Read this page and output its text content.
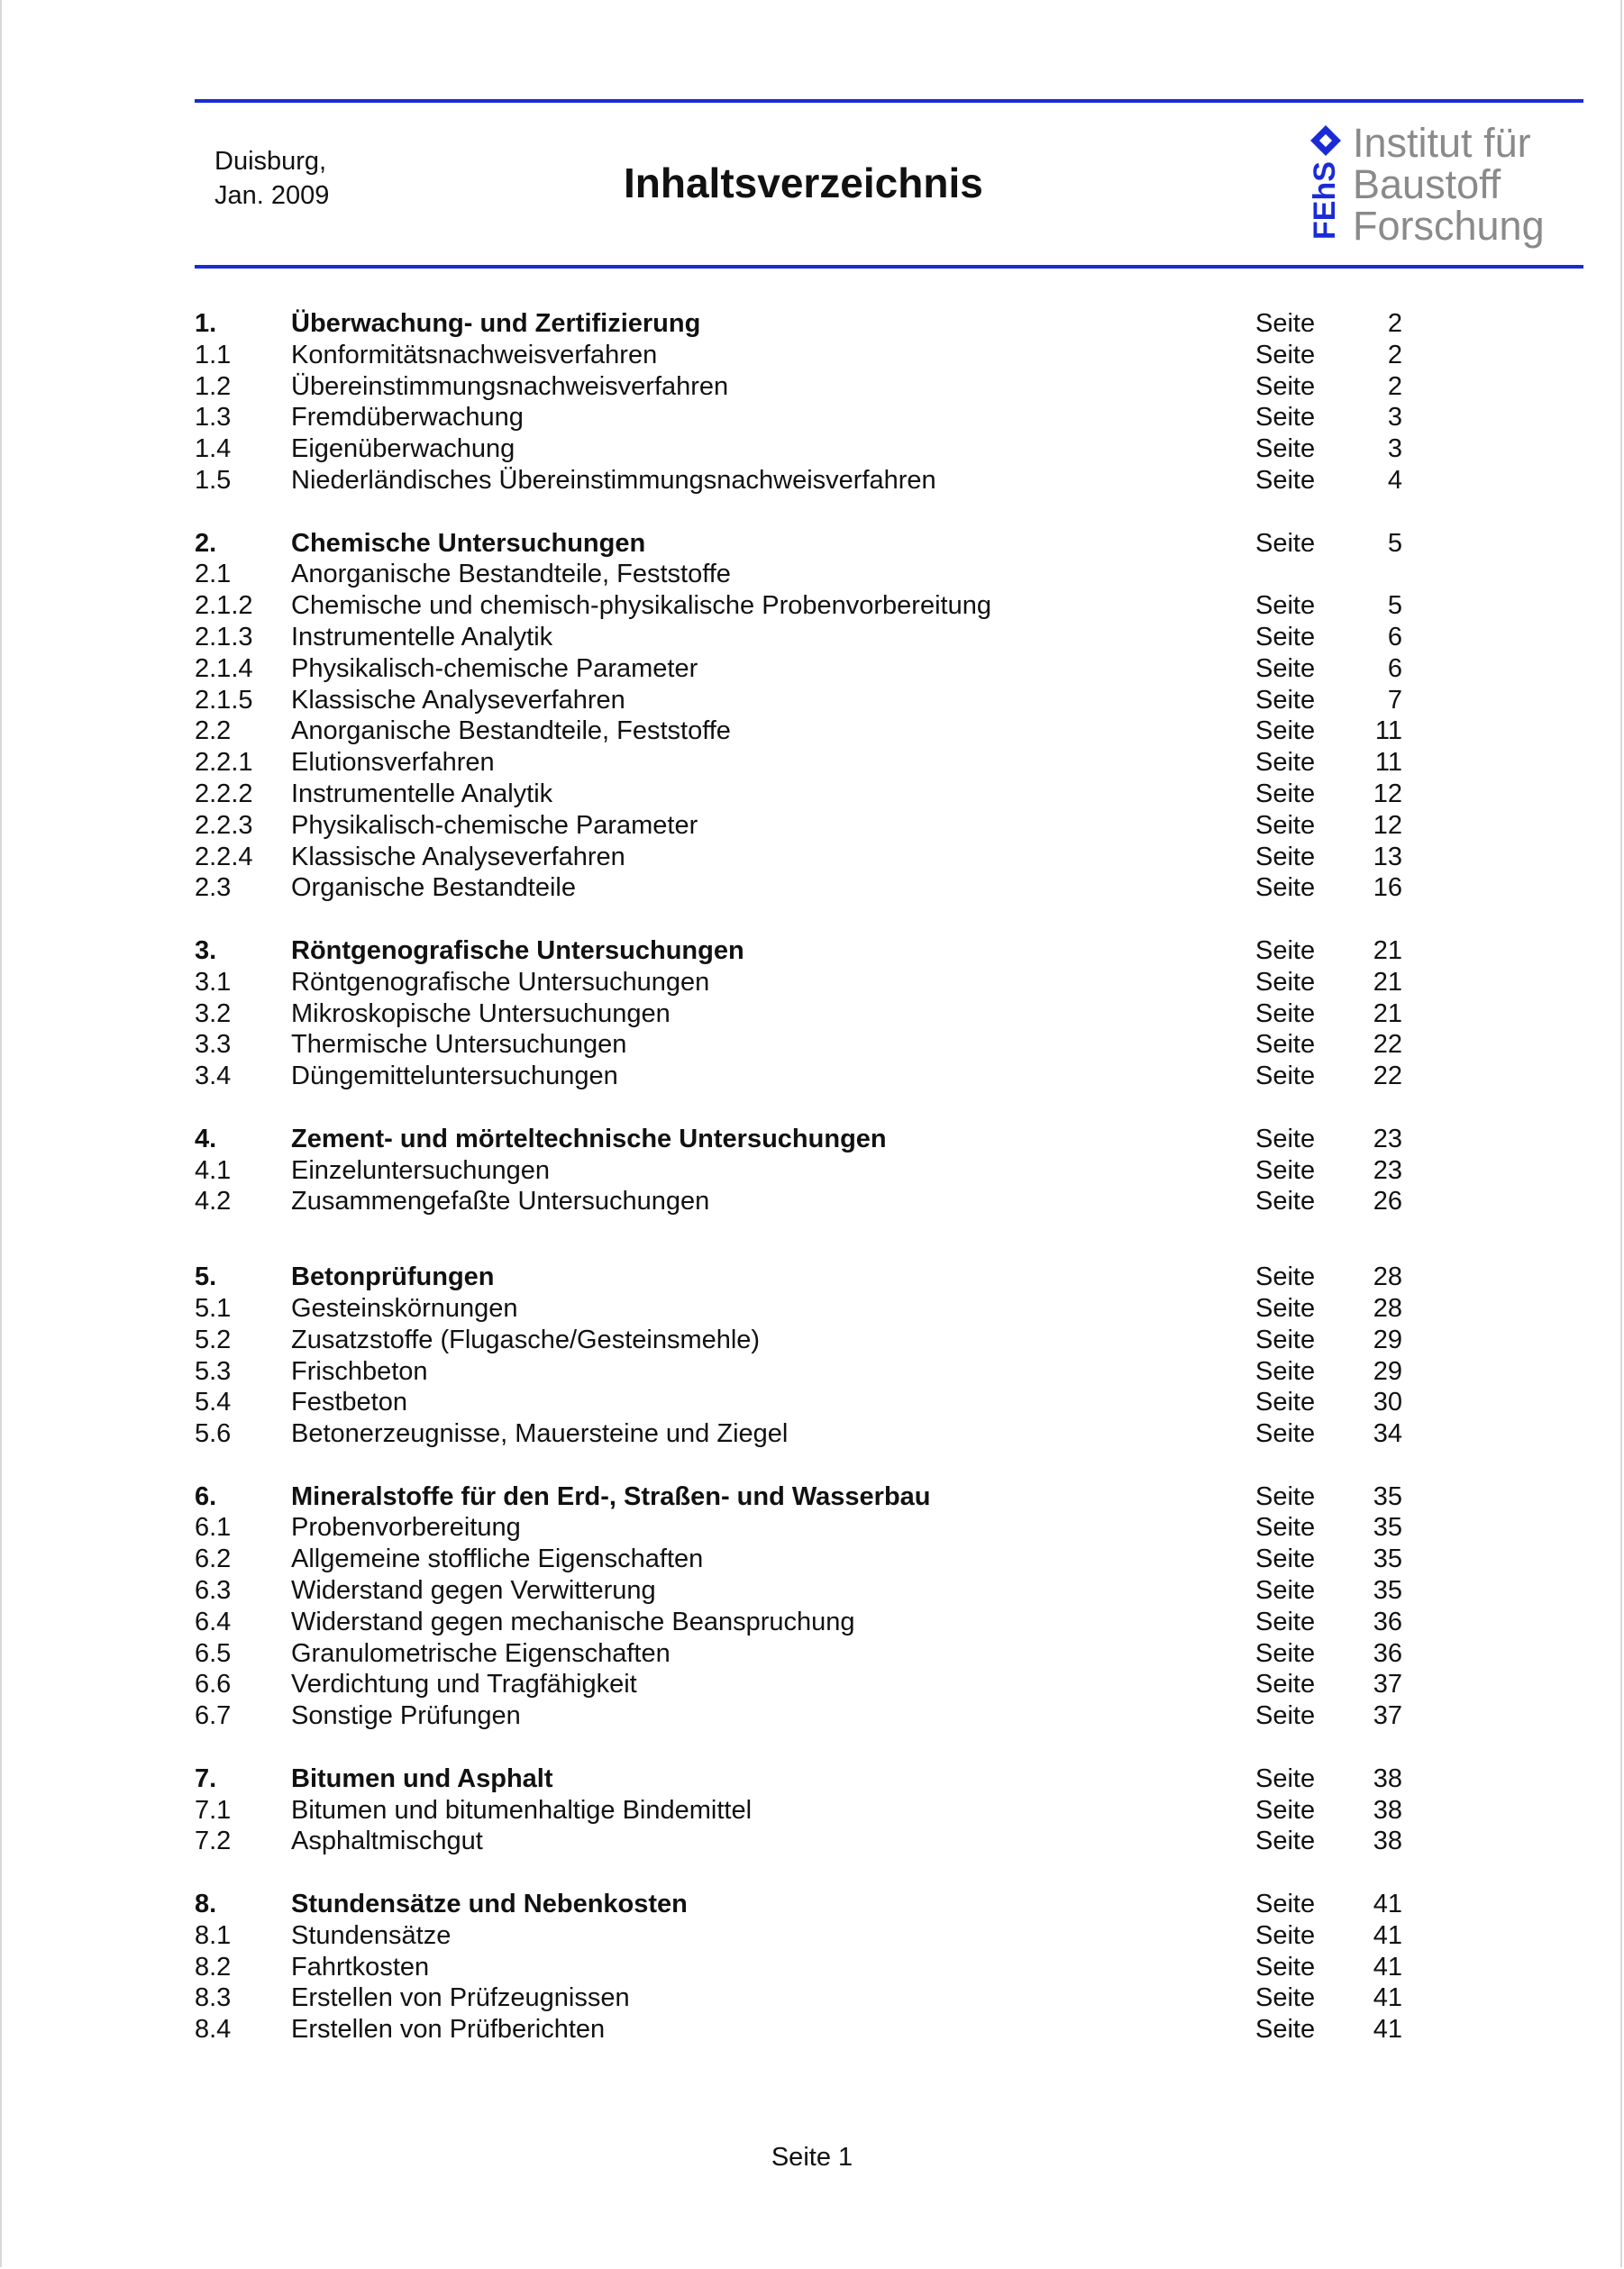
Duisburg,
Jan. 2009	Inhaltsverzeichnis	FEhS
Institut für
Baustoff
Forschung
1.	Überwachung- und Zertifizierung	Seite	2
1.1 Konformitätsnachweisverfahren	Seite	2
1.2 Übereinstimmungsnachweisverfahren	Seite	2
1.3 Fremdüberwachung	Seite	3
1.4 Eigenüberwachung	Seite	3
1.5 Niederländisches Übereinstimmungsnachweisverfahren	Seite	4
2.	Chemische Untersuchungen	Seite	5
2.1 Anorganische Bestandteile, Feststoffe
2.1.2 Chemische und chemisch-physikalische Probenvorbereitung	Seite	5
2.1.3 Instrumentelle Analytik	Seite	6
2.1.4 Physikalisch-chemische Parameter	Seite	6
2.1.5 Klassische Analyseverfahren	Seite	7
2.2 Anorganische Bestandteile, Feststoffe	Seite	11
2.2.1 Elutionsverfahren	Seite	11
2.2.2 Instrumentelle Analytik	Seite	12
2.2.3 Physikalisch-chemische Parameter	Seite	12
2.2.4 Klassische Analyseverfahren	Seite	13
2.3 Organische Bestandteile	Seite	16
3.	Röntgenografische Untersuchungen	Seite	21
3.1 Röntgenografische Untersuchungen	Seite	21
3.2 Mikroskopische Untersuchungen	Seite	21
3.3 Thermische Untersuchungen	Seite	22
3.4 Düngemitteluntersuchungen	Seite	22
4.	Zement- und mörteltechnische Untersuchungen	Seite	23
4.1 Einzeluntersuchungen	Seite	23
4.2 Zusammengefaßte Untersuchungen	Seite	26
5.	Betonprüfungen	Seite	28
5.1 Gesteinskörnungen	Seite	28
5.2 Zusatzstoffe (Flugasche/Gesteinsmehle)	Seite	29
5.3 Frischbeton	Seite	29
5.4 Festbeton	Seite	30
5.6 Betonerzeugnisse, Mauersteine und Ziegel	Seite	34
6.	Mineralstoffe für den Erd-, Straßen- und Wasserbau	Seite	35
6.1 Probenvorbereitung	Seite	35
6.2 Allgemeine stoffliche Eigenschaften	Seite	35
6.3 Widerstand gegen Verwitterung	Seite	35
6.4 Widerstand gegen mechanische Beanspruchung	Seite	36
6.5 Granulometrische Eigenschaften	Seite	36
6.6 Verdichtung und Tragfähigkeit	Seite	37
6.7 Sonstige Prüfungen	Seite	37
7.	Bitumen und Asphalt	Seite	38
7.1 Bitumen und bitumenhaltige Bindemittel	Seite	38
7.2 Asphaltmischgut	Seite	38
8.	Stundensätze und Nebenkosten	Seite	41
8.1 Stundensätze	Seite	41
8.2 Fahrtkosten	Seite	41
8.3 Erstellen von Prüfzeugnissen	Seite	41
8.4 Erstellen von Prüfberichten	Seite	41
Seite 1
